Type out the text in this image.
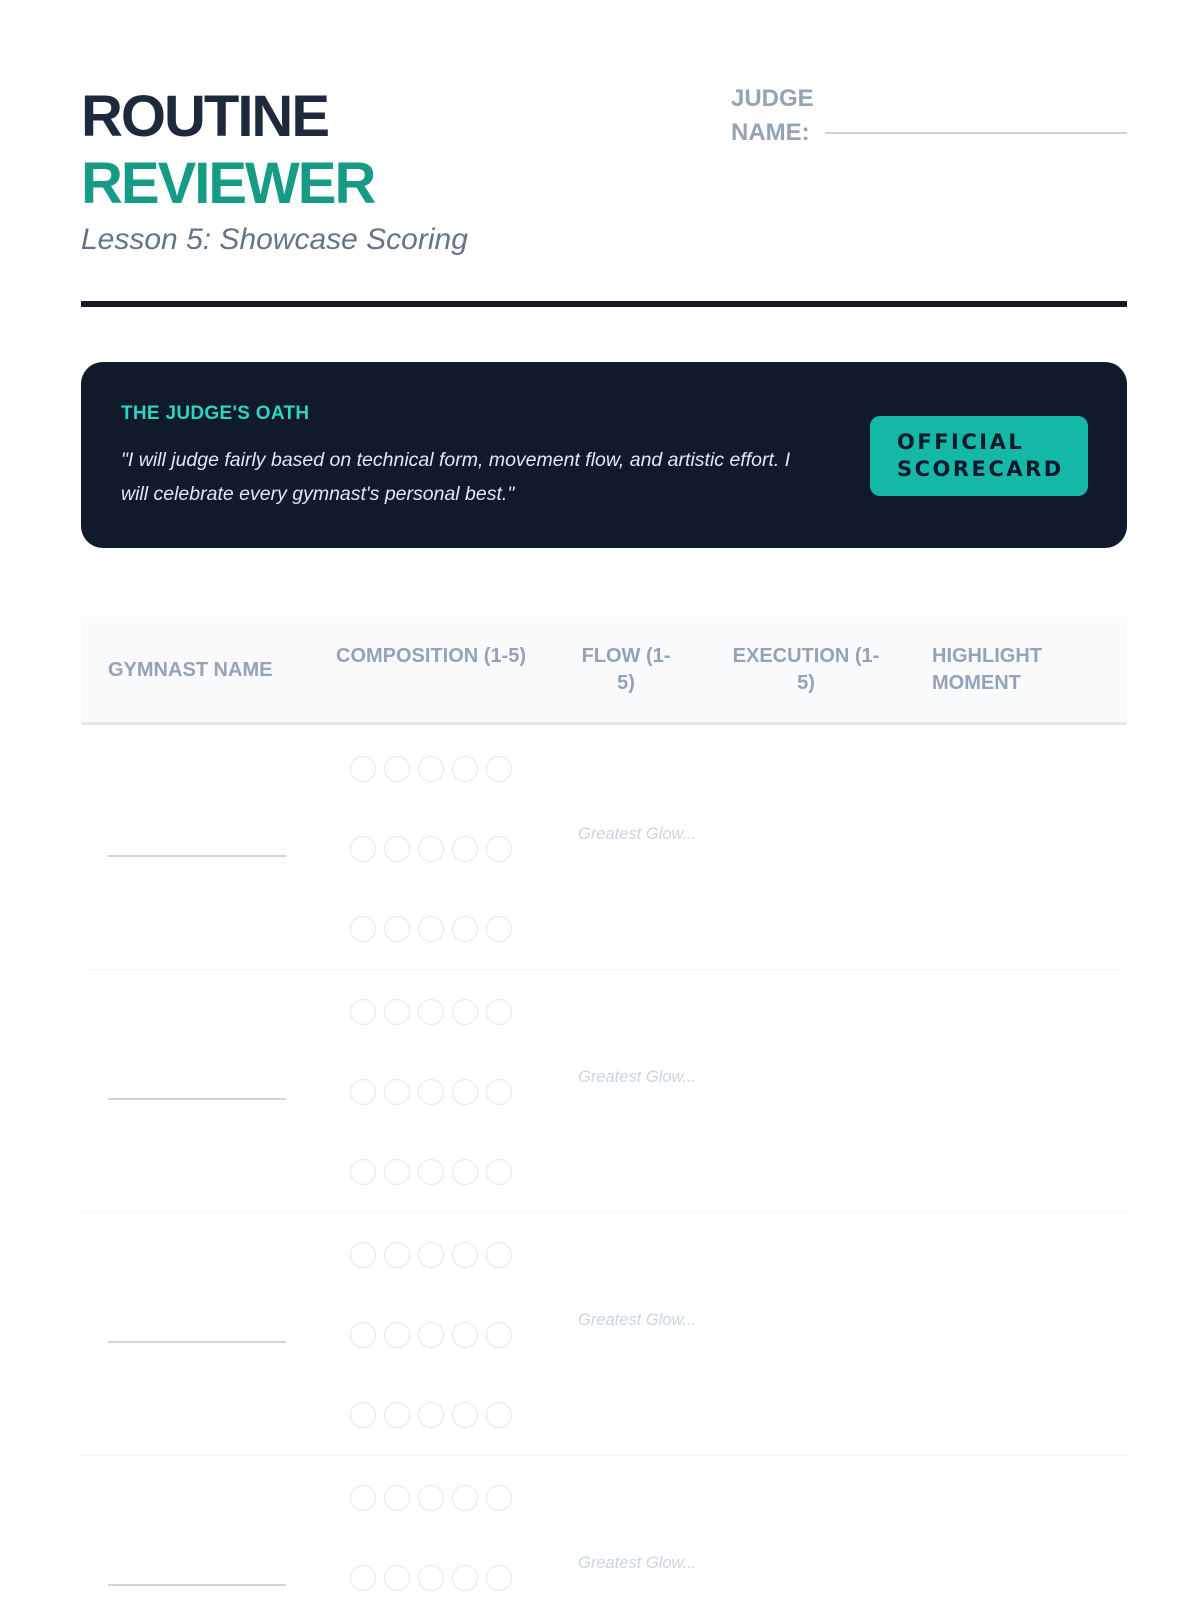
ROUTINE
REVIEWER
Lesson 5: Showcase Scoring
JUDGE NAME:
THE JUDGE'S OATH
"I will judge fairly based on technical form, movement flow, and artistic effort. I
will celebrate every gymnast's personal best."
OFFICIAL SCORECARD
GYMNAST NAME
COMPOSITION (1-5)	FLOW (1-5)
EXECUTION (1-5)
HIGHLIGHT MOMENT
Greatest Glow...
Greatest Glow...
Greatest Glow...
Greatest Glow...
